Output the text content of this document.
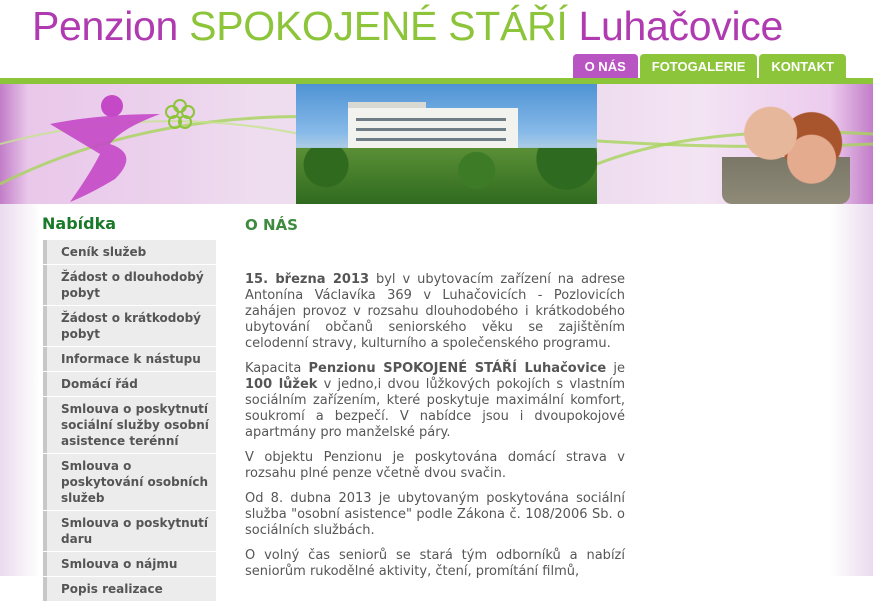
Penzion SPOKOJENÉ STÁŘÍ Luhačovice
O NÁS	FOTOGALERIE	KONTAKT
Nabídka
Ceník služeb
Žádost o dlouhodobý pobyt
Žádost o krátkodobý pobyt
Informace k nástupu
Domácí řád
Smlouva o poskytnutí sociální služby osobní asistence terénní
Smlouva o poskytování osobních služeb
Smlouva o poskytnutí daru
Smlouva o nájmu
Popis realizace
O NÁS

15. března 2013 byl v ubytovacím zařízení na adrese Antonína Václavíka 369 v Luhačovicích - Pozlovicích zahájen provoz v rozsahu dlouhodobého i krátkodobého ubytování občanů seniorského věku se zajištěním celodenní stravy, kulturního a společenského programu.

Kapacita Penzionu SPOKOJENÉ STÁŘÍ Luhačovice je 100 lůžek v jedno,i dvou lůžkových pokojích s vlastním sociálním zařízením, které poskytuje maximální komfort, soukromí a bezpečí. V nabídce jsou i dvoupokojové apartmány pro manželské páry.

V objektu Penzionu je poskytována domácí strava v rozsahu plné penze včetně dvou svačin.

Od 8. dubna 2013 je ubytovaným poskytována sociální služba "osobní asistence" podle Zákona č. 108/2006 Sb. o sociálních službách.

O volný čas seniorů se stará tým odborníků a nabízí seniorům rukodělné aktivity, čtení, promítání filmů,
